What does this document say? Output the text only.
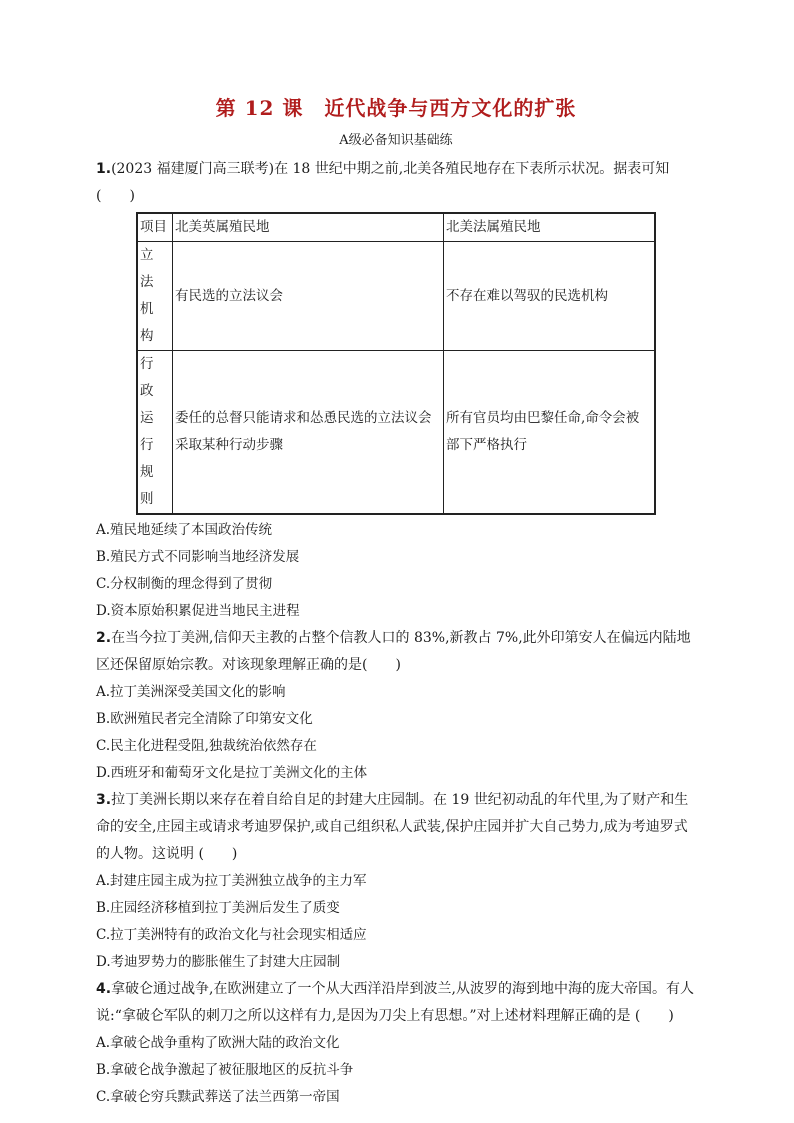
第 12 课　近代战争与西方文化的扩张

A级必备知识基础练

1.(2023 福建厦门高三联考)在 18 世纪中期之前,北美各殖民地存在下表所示状况。据表可知(　　)

项目	北美英属殖民地	北美法属殖民地
立法机构	有民选的立法议会	不存在难以驾驭的民选机构
行政运行规则	委任的总督只能请求和怂恿民选的立法议会采取某种行动步骤	所有官员均由巴黎任命,命令会被部下严格执行

A.殖民地延续了本国政治传统

B.殖民方式不同影响当地经济发展

C.分权制衡的理念得到了贯彻

D.资本原始积累促进当地民主进程

2.在当今拉丁美洲,信仰天主教的占整个信教人口的 83%,新教占 7%,此外印第安人在偏远内陆地区还保留原始宗教。对该现象理解正确的是(　　)

A.拉丁美洲深受美国文化的影响

B.欧洲殖民者完全清除了印第安文化

C.民主化进程受阻,独裁统治依然存在

D.西班牙和葡萄牙文化是拉丁美洲文化的主体

3.拉丁美洲长期以来存在着自给自足的封建大庄园制。在 19 世纪初动乱的年代里,为了财产和生命的安全,庄园主或请求考迪罗保护,或自己组织私人武装,保护庄园并扩大自己势力,成为考迪罗式的人物。这说明 (　　)

A.封建庄园主成为拉丁美洲独立战争的主力军

B.庄园经济移植到拉丁美洲后发生了质变

C.拉丁美洲特有的政治文化与社会现实相适应

D.考迪罗势力的膨胀催生了封建大庄园制

4.拿破仑通过战争,在欧洲建立了一个从大西洋沿岸到波兰,从波罗的海到地中海的庞大帝国。有人说:“拿破仑军队的刺刀之所以这样有力,是因为刀尖上有思想。”对上述材料理解正确的是 (　　)

A.拿破仑战争重构了欧洲大陆的政治文化

B.拿破仑战争激起了被征服地区的反抗斗争

C.拿破仑穷兵黩武葬送了法兰西第一帝国
